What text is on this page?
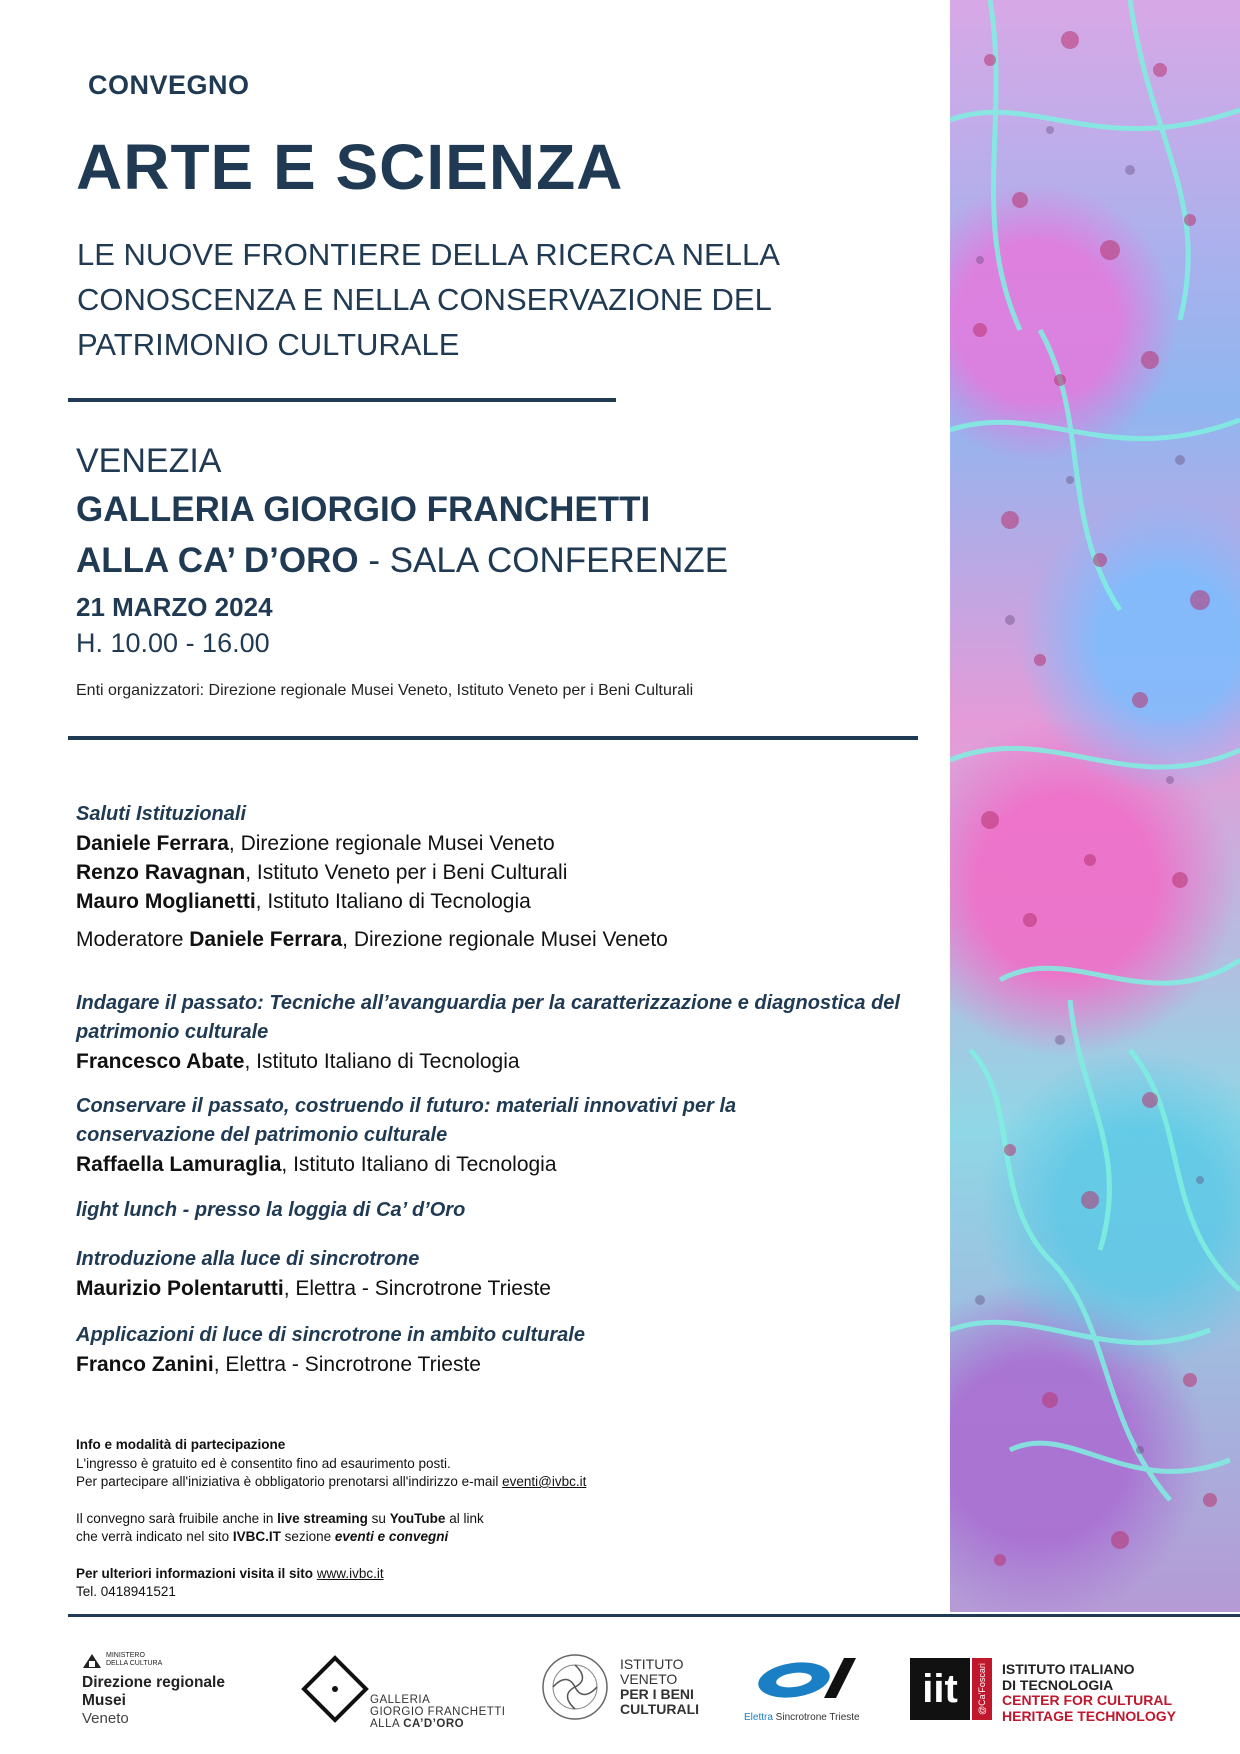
CONVEGNO
ARTE E SCIENZA
LE NUOVE FRONTIERE DELLA RICERCA NELLA CONOSCENZA E NELLA CONSERVAZIONE DEL PATRIMONIO CULTURALE
VENEZIA
GALLERIA GIORGIO FRANCHETTI
ALLA CA’ D’ORO - SALA CONFERENZE
21 MARZO 2024
H. 10.00 - 16.00
Enti organizzatori: Direzione regionale Musei Veneto, Istituto Veneto per i Beni Culturali
Saluti Istituzionali
Daniele Ferrara, Direzione regionale Musei Veneto
Renzo Ravagnan, Istituto Veneto per i Beni Culturali
Mauro Moglianetti, Istituto Italiano di Tecnologia
Moderatore Daniele Ferrara, Direzione regionale Musei Veneto
Indagare il passato: Tecniche all’avanguardia per la caratterizzazione e diagnostica del patrimonio culturale
Francesco Abate, Istituto Italiano di Tecnologia
Conservare il passato, costruendo il futuro: materiali innovativi per la conservazione del patrimonio culturale
Raffaella Lamuraglia, Istituto Italiano di Tecnologia
light lunch - presso la loggia di Ca’ d’Oro
Introduzione alla luce di sincrotrone
Maurizio Polentarutti, Elettra - Sincrotrone Trieste
Applicazioni di luce di sincrotrone in ambito culturale
Franco Zanini, Elettra - Sincrotrone Trieste
Info e modalità di partecipazione
L'ingresso è gratuito ed è consentito fino ad esaurimento posti.
Per partecipare all'iniziativa è obbligatorio prenotarsi all'indirizzo e-mail eventi@ivbc.it
Il convegno sarà fruibile anche in live streaming su YouTube al link
che verrà indicato nel sito IVBC.IT sezione eventi e convegni
Per ulteriori informazioni visita il sito www.ivbc.it
Tel. 0418941521
MINISTERO DELLA CULTURA
Direzione regionale Musei
Veneto
GALLERIA
GIORGIO FRANCHETTI
ALLA CA’D’ORO
ISTITUTO
VENETO
PER I BENI
CULTURALI
Elettra Sincrotrone Trieste
iit	@Ca'Foscari	ISTITUTO ITALIANO
DI TECNOLOGIA
CENTER FOR CULTURAL
HERITAGE TECHNOLOGY
